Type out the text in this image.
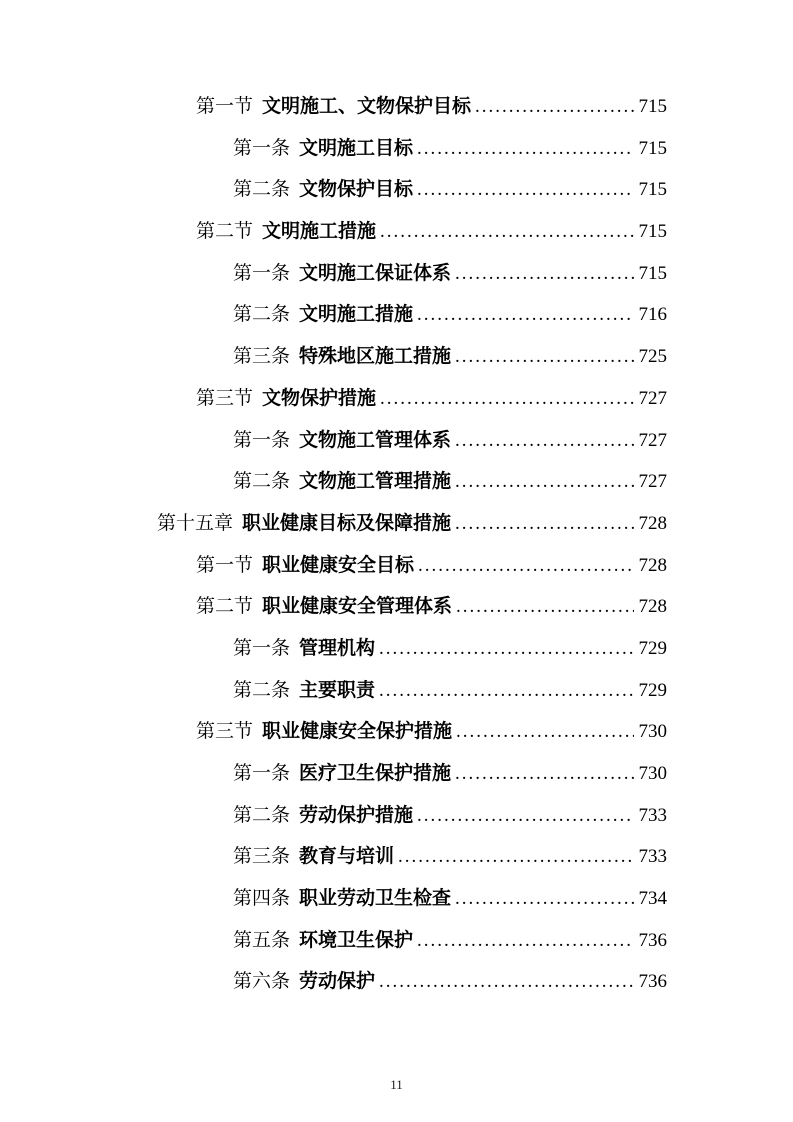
第一节 文明施工、文物保护目标 .....	715
第一条 文明施工目标 .....	715
第二条 文物保护目标 .....	715
第二节 文明施工措施 .....	715
第一条 文明施工保证体系 .....	715
第二条 文明施工措施 .....	716
第三条 特殊地区施工措施 .....	725
第三节 文物保护措施 .....	727
第一条 文物施工管理体系 .....	727
第二条 文物施工管理措施 .....	727
第十五章 职业健康目标及保障措施 .....	728
第一节 职业健康安全目标 .....	728
第二节 职业健康安全管理体系 .....	728
第一条 管理机构 .....	729
第二条 主要职责 .....	729
第三节 职业健康安全保护措施 .....	730
第一条 医疗卫生保护措施 .....	730
第二条 劳动保护措施 .....	733
第三条 教育与培训 .....	733
第四条 职业劳动卫生检查 .....	734
第五条 环境卫生保护 .....	736
第六条 劳动保护 .....	736
11
